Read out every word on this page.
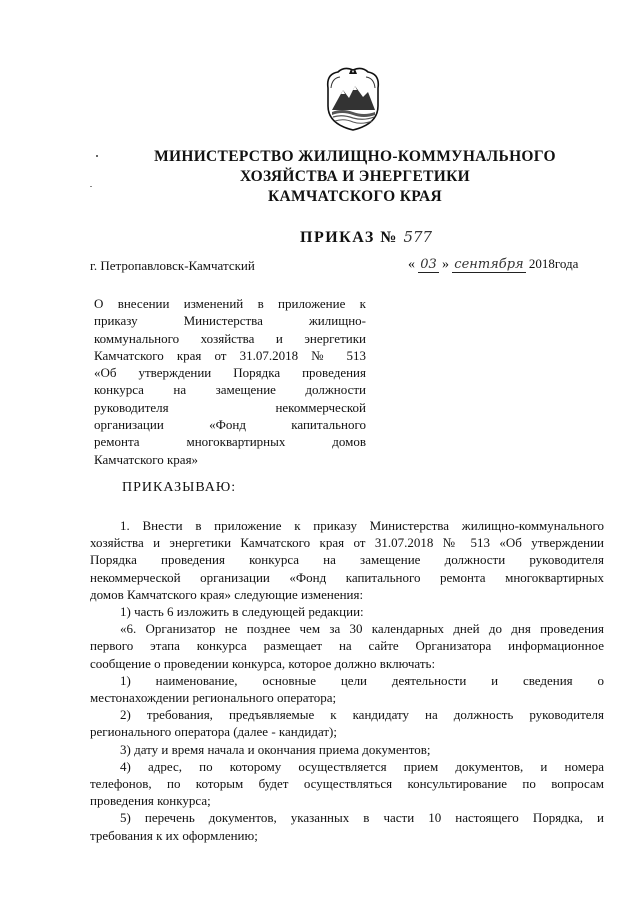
МИНИСТЕРСТВО ЖИЛИЩНО-КОММУНАЛЬНОГО
ХОЗЯЙСТВА И ЭНЕРГЕТИКИ
КАМЧАТСКОГО КРАЯ
ПРИКАЗ № 577
г. Петропавловск-Камчатский	« 03 » сентября 2018года

О внесении изменений в приложение к

приказу Министерства жилищно-

коммунального хозяйства и энергетики

Камчатского края от 31.07.2018 № 513

«Об утверждении Порядка проведения

конкурса на замещение должности

руководителя некоммерческой

организации «Фонд капитального

ремонта многоквартирных домов

Камчатского края»

ПРИКАЗЫВАЮ:

1. Внести в приложение к приказу Министерства жилищно-коммунального

хозяйства и энергетики Камчатского края от 31.07.2018 № 513 «Об утверждении

Порядка проведения конкурса на замещение должности руководителя

некоммерческой организации «Фонд капитального ремонта многоквартирных

домов Камчатского края» следующие изменения:

1) часть 6 изложить в следующей редакции:

«6. Организатор не позднее чем за 30 календарных дней до дня проведения

первого этапа конкурса размещает на сайте Организатора информационное

сообщение о проведении конкурса, которое должно включать:

1) наименование, основные цели деятельности и сведения о

местонахождении регионального оператора;

2) требования, предъявляемые к кандидату на должность руководителя

регионального оператора (далее - кандидат);

3) дату и время начала и окончания приема документов;

4) адрес, по которому осуществляется прием документов, и номера

телефонов, по которым будет осуществляться консультирование по вопросам

проведения конкурса;

5) перечень документов, указанных в части 10 настоящего Порядка, и

требования к их оформлению;
